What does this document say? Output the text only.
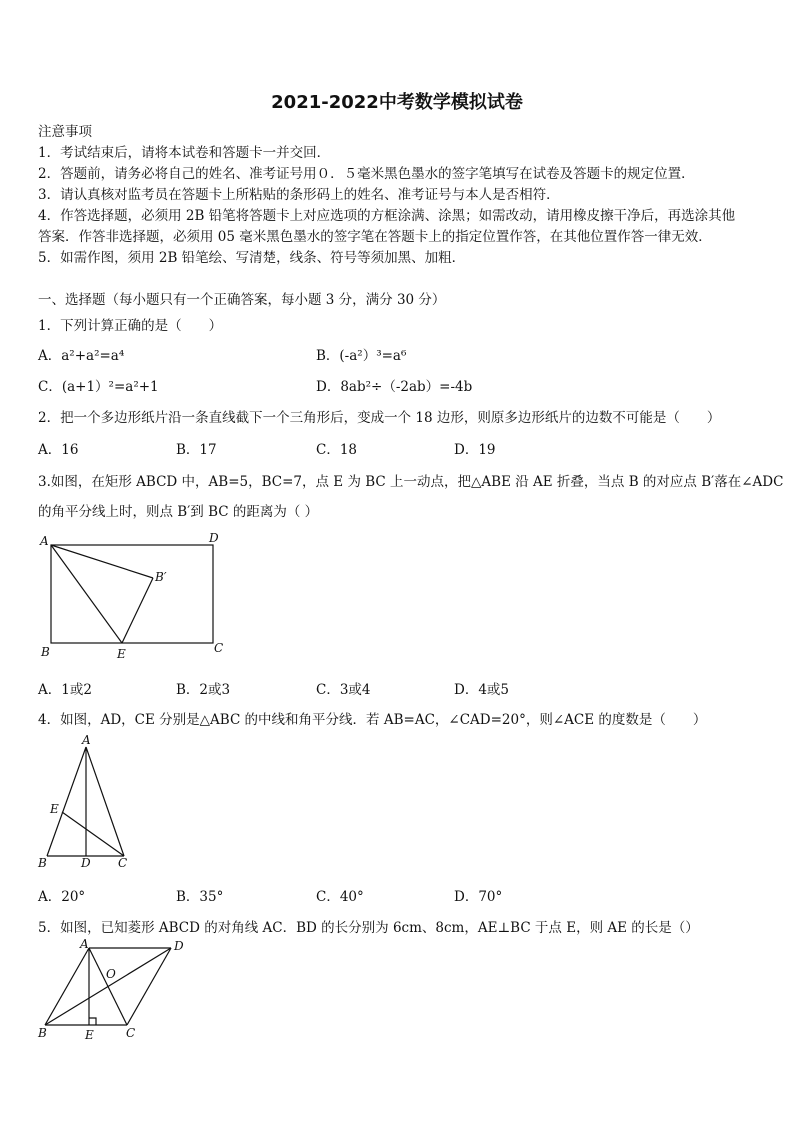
2021-2022中考数学模拟试卷
注意事项
1．考试结束后，请将本试卷和答题卡一并交回．
2．答题前，请务必将自己的姓名、准考证号用０．５毫米黑色墨水的签字笔填写在试卷及答题卡的规定位置．
3．请认真核对监考员在答题卡上所粘贴的条形码上的姓名、准考证号与本人是否相符．
4．作答选择题，必须用 2B 铅笔将答题卡上对应选项的方框涂满、涂黑；如需改动，请用橡皮擦干净后，再选涂其他
答案．作答非选择题，必须用 05 毫米黑色墨水的签字笔在答题卡上的指定位置作答，在其他位置作答一律无效．
5．如需作图，须用 2B 铅笔绘、写清楚，线条、符号等须加黑、加粗．
一、选择题（每小题只有一个正确答案，每小题 3 分，满分 30 分）
1．下列计算正确的是（　　）
A．a²+a²=a⁴	B．(-a²）³=a⁶
C．(a+1）²=a²+1	D．8ab²÷（-2ab）=-4b
2．把一个多边形纸片沿一条直线截下一个三角形后，变成一个 18 边形，则原多边形纸片的边数不可能是（　　）
A．16	B．17	C．18	D．19
3.如图，在矩形 ABCD 中，AB=5，BC=7，点 E 为 BC 上一动点，把△ABE 沿 AE 折叠，当点 B 的对应点 B′落在∠ADC
的角平分线上时，则点 B′到 BC 的距离为（ ）
A	D
B′
B	E	C
A．1或2	B．2或3	C．3或4	D．4或5
4．如图，AD，CE 分别是△ABC 的中线和角平分线．若 AB=AC，∠CAD=20°，则∠ACE 的度数是（　　）
A
E
B	D C
A．20°	B．35°	C．40°	D．70°
5．如图，已知菱形 ABCD 的对角线 AC．BD 的长分别为 6cm、8cm，AE⊥BC 于点 E，则 AE 的长是（）
A	D
O
B	E	C
